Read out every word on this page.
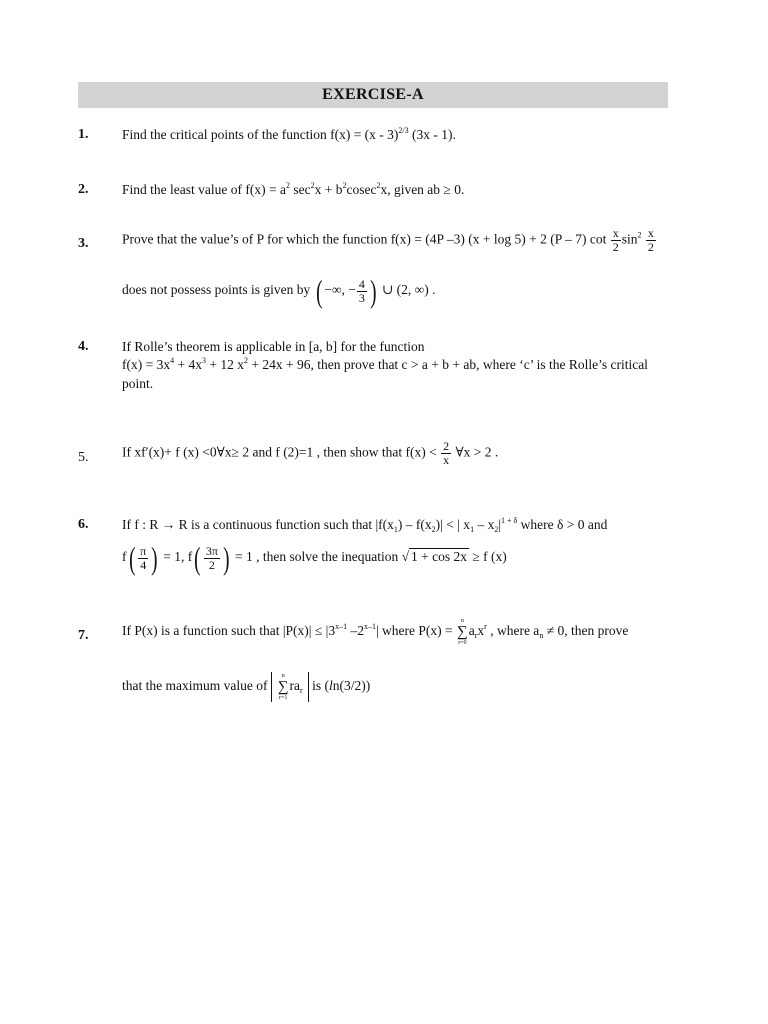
EXERCISE-A
1. Find the critical points of the function f(x) = (x - 3)$^{2/3}$ (3x - 1).
2. Find the least value of $f(x) = a^2$ $\sec^2x + b^2cosec^2x$, given ab ≥ 0.
3. Prove that the value’s of P for which the function f(x) = (4P –3) (x + log 5) + 2 (P – 7) $\cot \frac{x}{2} \sin^2 \frac{x}{2}$
does not possess points is given by ( −∞, − $\frac{4}{3}$ ) ∪ (2, ∞) .
4. If Rolle’s theorem is applicable in [a, b] for the function
$f(x) = 3x^4 + 4x^3 + 12$ $x^2 + 24x + 96$, then prove that c > a + b + ab, where ‘c’ is the Rolle’s critical
point.
5. If xf′(x)+ f (x) <0∀x≥ 2 and f (2)=1 , then show that $f(x) < \frac{2}{x}$ ∀x > 2 .
6. If f : R → R is a continuous function such that $|f(x_1) - f(x_2)|$ < | $x_1 - x_2|^{1 + \delta}$ where δ > 0 and
$f( \frac{\pi}{4}$ ) = 1, $f( \frac{3\pi}{2}$ ) = 1 , then solve the inequation √ 1 + cos 2x ≥ f (x)
7. If P(x) is a function such that $|P(x)| \le |3^{x-1}$ –2$^{x-1}$| where P(x) =
n
∑
r=0
$a_rx^r$ , where $a_n \ne 0$, then prove
that the maximum value of
n
∑
r=1
$ra_r$ is (ln(3/2))
